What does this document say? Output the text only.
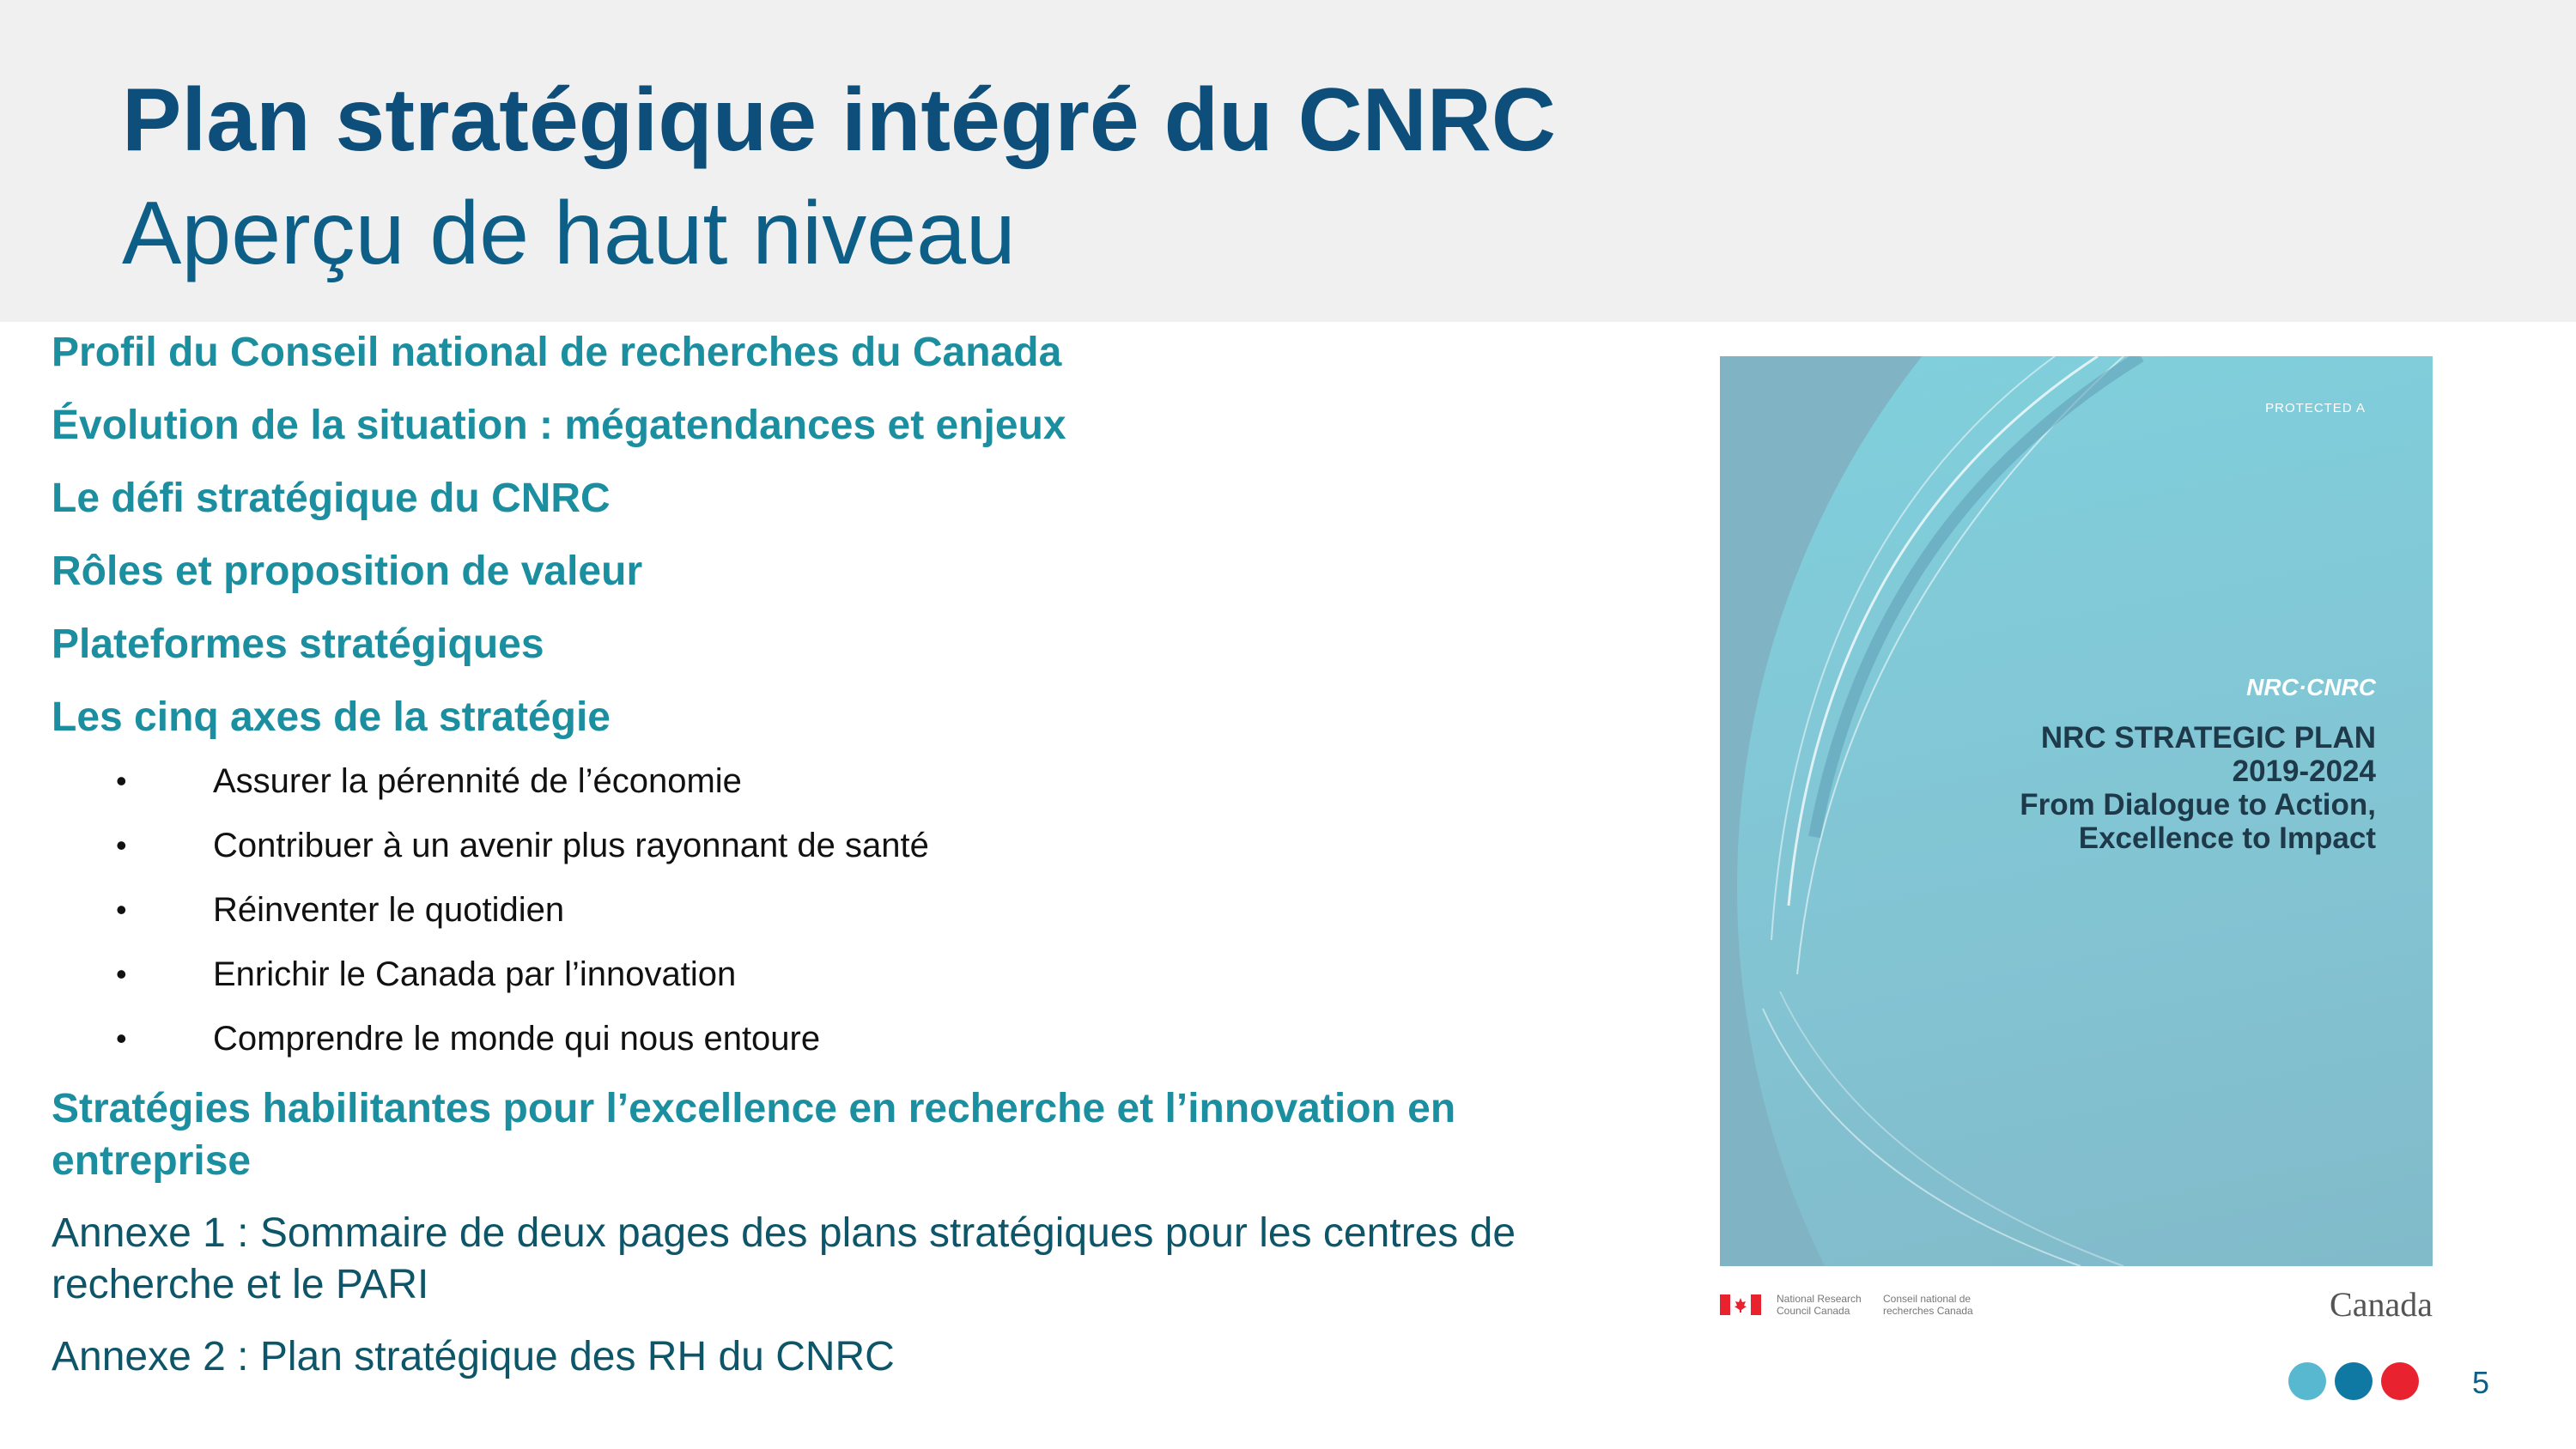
Plan stratégique intégré du CNRC
Aperçu de haut niveau
Profil du Conseil national de recherches du Canada
Évolution de la situation : mégatendances et enjeux
Le défi stratégique du CNRC
Rôles et proposition de valeur
Plateformes stratégiques
Les cinq axes de la stratégie
•	Assurer la pérennité de l’économie
•	Contribuer à un avenir plus rayonnant de santé
•	Réinventer le quotidien
•	Enrichir le Canada par l’innovation
•	Comprendre le monde qui nous entoure
Stratégies habilitantes pour l’excellence en recherche et l’innovation en entreprise
Annexe 1 : Sommaire de deux pages des plans stratégiques pour les centres de recherche et le PARI
Annexe 2 : Plan stratégique des RH du CNRC
PROTECTED A
NRC·CNRC
NRC STRATEGIC PLAN
2019-2024
From Dialogue to Action,
Excellence to Impact
National Research
Council Canada
Conseil national de
recherches Canada	Canada
5
